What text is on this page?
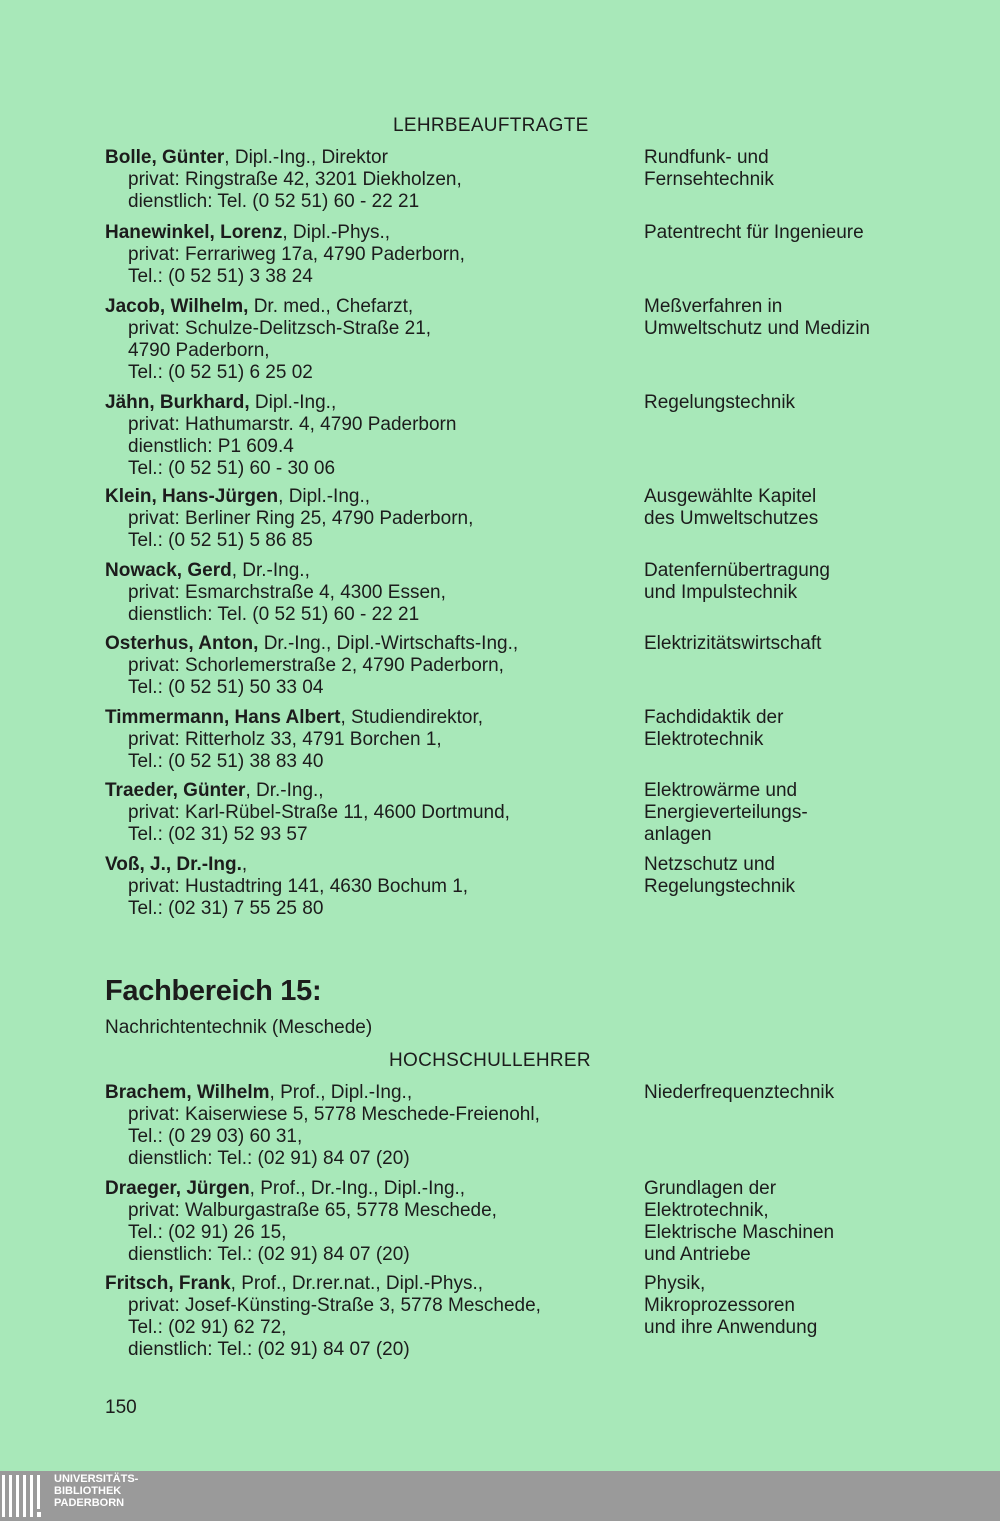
LEHRBEAUFTRAGTE
Bolle, Günter, Dipl.-Ing., Direktor
privat: Ringstraße 42, 3201 Diekholzen,
dienstlich: Tel. (0 52 51) 60 - 22 21
Rundfunk- und
Fernsehtechnik
Hanewinkel, Lorenz, Dipl.-Phys.,
privat: Ferrariweg 17a, 4790 Paderborn,
Tel.: (0 52 51) 3 38 24
Patentrecht für Ingenieure
Jacob, Wilhelm, Dr. med., Chefarzt,
privat: Schulze-Delitzsch-Straße 21,
4790 Paderborn,
Tel.: (0 52 51) 6 25 02
Meßverfahren in
Umweltschutz und Medizin
Jähn, Burkhard, Dipl.-Ing.,
privat: Hathumarstr. 4, 4790 Paderborn
dienstlich: P1 609.4
Tel.: (0 52 51) 60 - 30 06
Regelungstechnik
Klein, Hans-Jürgen, Dipl.-Ing.,
privat: Berliner Ring 25, 4790 Paderborn,
Tel.: (0 52 51) 5 86 85
Ausgewählte Kapitel
des Umweltschutzes
Nowack, Gerd, Dr.-Ing.,
privat: Esmarchstraße 4, 4300 Essen,
dienstlich: Tel. (0 52 51) 60 - 22 21
Datenfernübertragung
und Impulstechnik
Osterhus, Anton, Dr.-Ing., Dipl.-Wirtschafts-Ing.,
privat: Schorlemerstraße 2, 4790 Paderborn,
Tel.: (0 52 51) 50 33 04
Elektrizitätswirtschaft
Timmermann, Hans Albert, Studiendirektor,
privat: Ritterholz 33, 4791 Borchen 1,
Tel.: (0 52 51) 38 83 40
Fachdidaktik der
Elektrotechnik
Traeder, Günter, Dr.-Ing.,
privat: Karl-Rübel-Straße 11, 4600 Dortmund,
Tel.: (02 31) 52 93 57
Elektrowärme und
Energieverteilungs-
anlagen
Voß, J., Dr.-Ing.,
privat: Hustadtring 141, 4630 Bochum 1,
Tel.: (02 31) 7 55 25 80
Netzschutz und
Regelungstechnik
Fachbereich 15:
Nachrichtentechnik (Meschede)
HOCHSCHULLEHRER
Brachem, Wilhelm, Prof., Dipl.-Ing.,
privat: Kaiserwiese 5, 5778 Meschede-Freienohl,
Tel.: (0 29 03) 60 31,
dienstlich: Tel.: (02 91) 84 07 (20)
Niederfrequenztechnik
Draeger, Jürgen, Prof., Dr.-Ing., Dipl.-Ing.,
privat: Walburgastraße 65, 5778 Meschede,
Tel.: (02 91) 26 15,
dienstlich: Tel.: (02 91) 84 07 (20)
Grundlagen der
Elektrotechnik,
Elektrische Maschinen
und Antriebe
Fritsch, Frank, Prof., Dr.rer.nat., Dipl.-Phys.,
privat: Josef-Künsting-Straße 3, 5778 Meschede,
Tel.: (02 91) 62 72,
dienstlich: Tel.: (02 91) 84 07 (20)
Physik,
Mikroprozessoren
und ihre Anwendung
150
UNIVERSITÄTS-
BIBLIOTHEK
PADERBORN
